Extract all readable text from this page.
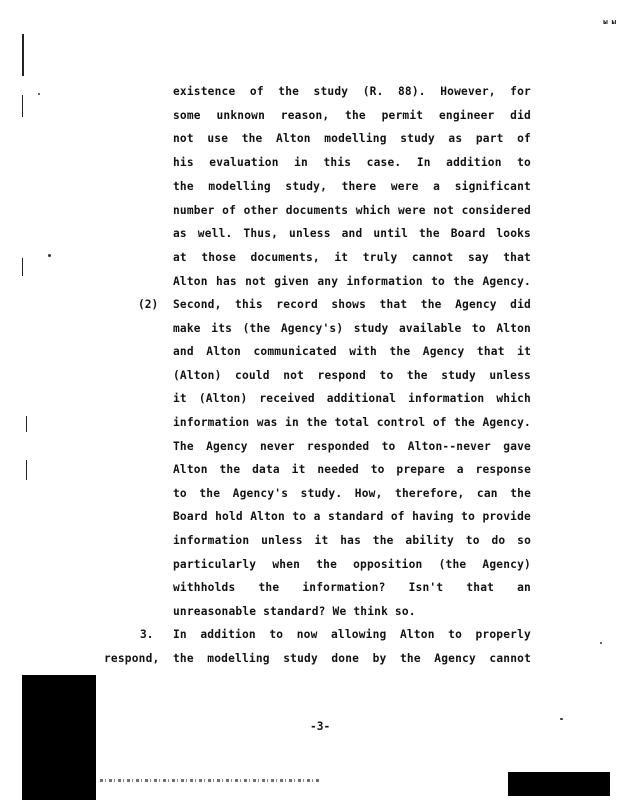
ы ы
existence of the study (R. 88). However, for
some unknown reason, the permit engineer did
not use the Alton modelling study as part of
his evaluation in this case. In addition to
the modelling study, there were a significant
number of other documents which were not considered
as well. Thus, unless and until the Board looks
at those documents, it truly cannot say that
Alton has not given any information to the Agency.
(2) Second, this record shows that the Agency did
make its (the Agency's) study available to Alton
and Alton communicated with the Agency that it
(Alton) could not respond to the study unless
it (Alton) received additional information which
information was in the total control of the Agency.
The Agency never responded to Alton--never gave
Alton the data it needed to prepare a response
to the Agency's study. How, therefore, can the
Board hold Alton to a standard of having to provide
information unless it has the ability to do so
particularly when the opposition (the Agency)
withholds the information? Isn't that an
unreasonable standard? We think so.
3. In addition to now allowing Alton to properly
respond, the modelling study done by the Agency cannot
-3-
